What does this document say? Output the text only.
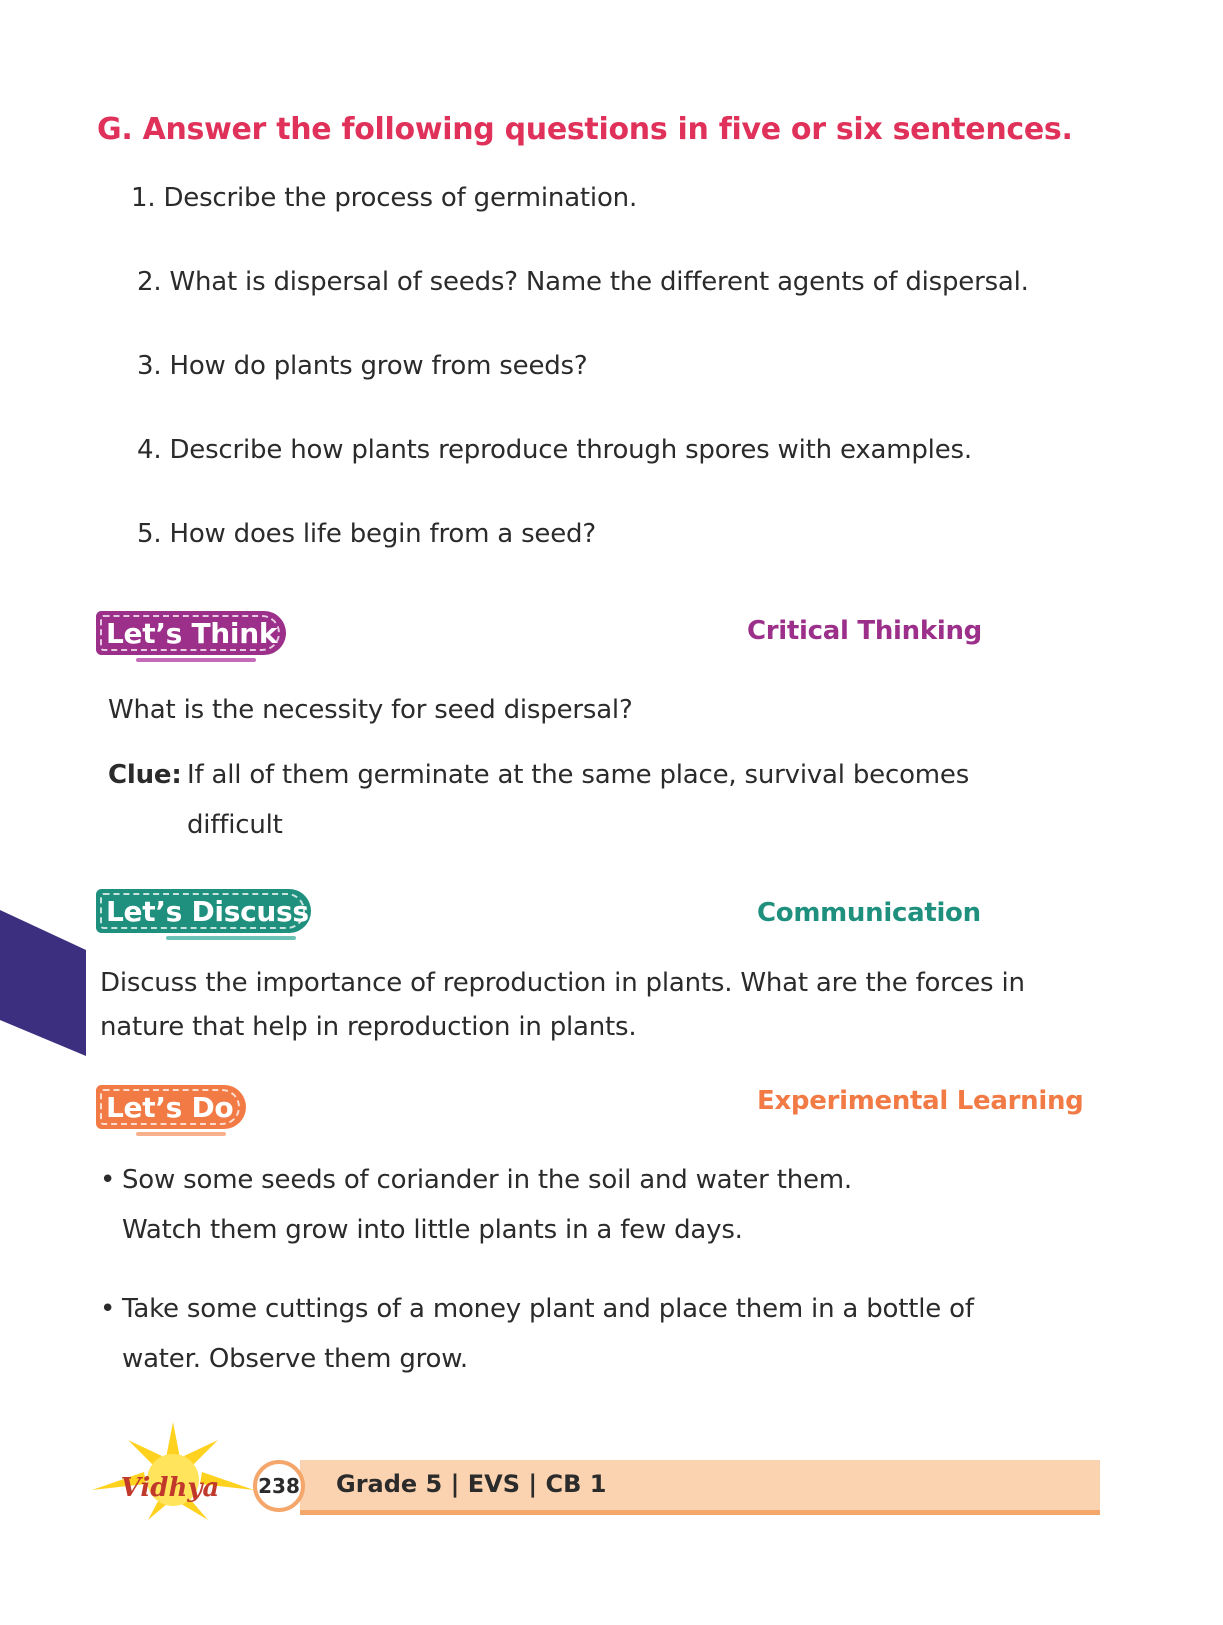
G. Answer the following questions in five or six sentences.
1. Describe the process of germination.
2. What is dispersal of seeds? Name the different agents of dispersal.
3. How do plants grow from seeds?
4. Describe how plants reproduce through spores with examples.
5. How does life begin from a seed?
Let’s Think	Critical Thinking
What is the necessity for seed dispersal?
Clue: If all of them germinate at the same place, survival becomes
difficult
Let’s Discuss	Communication
Discuss the importance of reproduction in plants. What are the forces in
nature that help in reproduction in plants.
Let’s Do	Experimental Learning
• Sow some seeds of coriander in the soil and water them.
Watch them grow into little plants in a few days.
• Take some cuttings of a money plant and place them in a bottle of
water. Observe them grow.
Vidhya 238 Grade 5 | EVS | CB 1
